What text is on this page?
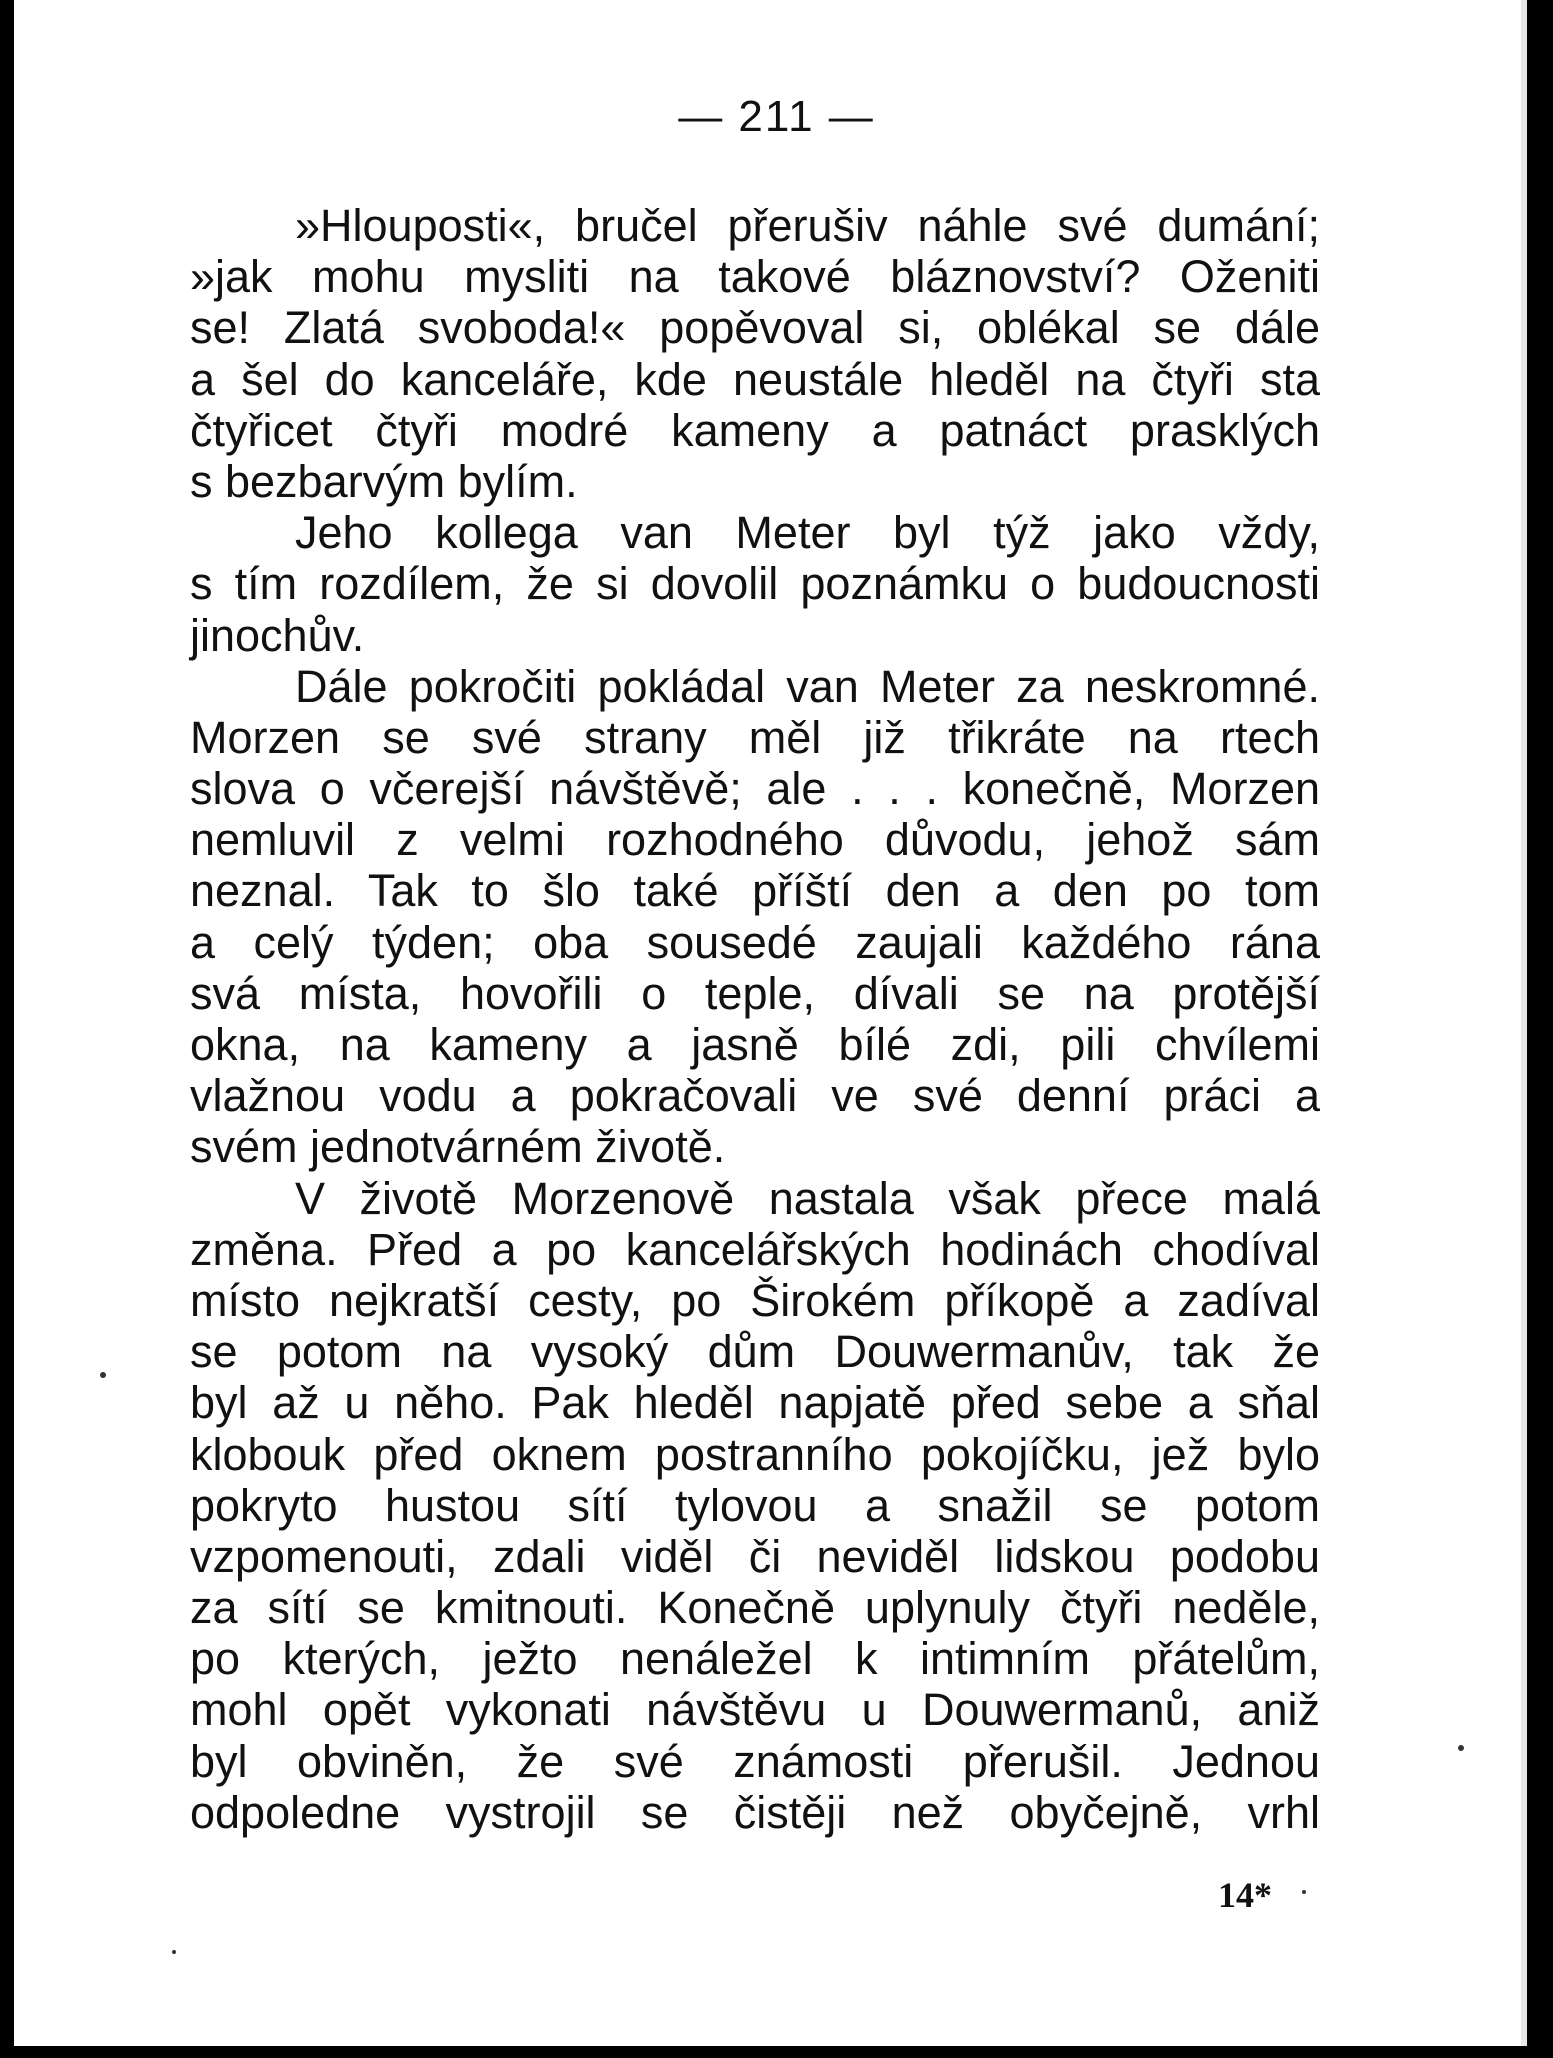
— 211 —
»Hlouposti«, bručel přerušiv náhle své dumání;
»jak mohu mysliti na takové bláznovství? Oženiti
se! Zlatá svoboda!« popěvoval si, oblékal se dále
a šel do kanceláře, kde neustále hleděl na čtyři sta
čtyřicet čtyři modré kameny a patnáct prasklých
s bezbarvým bylím.
Jeho kollega van Meter byl týž jako vždy,
s tím rozdílem, že si dovolil poznámku o budoucnosti
jinochův.
Dále pokročiti pokládal van Meter za neskromné.
Morzen se své strany měl již třikráte na rtech
slova o včerejší návštěvě; ale . . . konečně, Morzen
nemluvil z velmi rozhodného důvodu, jehož sám
neznal. Tak to šlo také příští den a den po tom
a celý týden; oba sousedé zaujali každého rána
svá místa, hovořili o teple, dívali se na protější
okna, na kameny a jasně bílé zdi, pili chvílemi
vlažnou vodu a pokračovali ve své denní práci a
svém jednotvárném životě.
V životě Morzenově nastala však přece malá
změna. Před a po kancelářských hodinách chodíval
místo nejkratší cesty, po Širokém příkopě a zadíval
se potom na vysoký dům Douwermanův, tak že
byl až u něho. Pak hleděl napjatě před sebe a sňal
klobouk před oknem postranního pokojíčku, jež bylo
pokryto hustou sítí tylovou a snažil se potom
vzpomenouti, zdali viděl či neviděl lidskou podobu
za sítí se kmitnouti. Konečně uplynuly čtyři neděle,
po kterých, ježto nenáležel k intimním přátelům,
mohl opět vykonati návštěvu u Douwermanů, aniž
byl obviněn, že své známosti přerušil. Jednou
odpoledne vystrojil se čistěji než obyčejně, vrhl
14*
